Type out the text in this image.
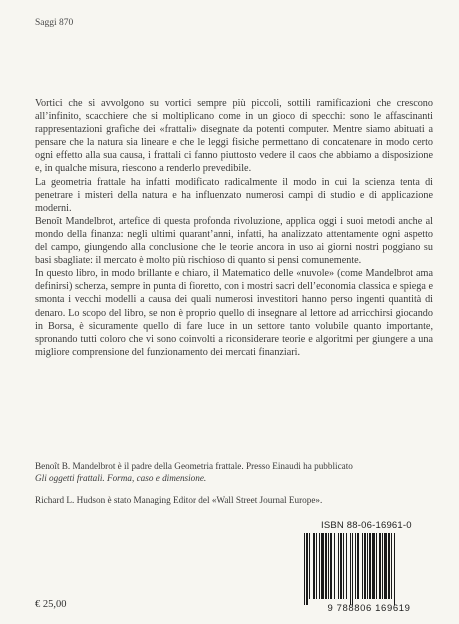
Saggi 870

Vortici che si avvolgono su vortici sempre più piccoli, sottili ramificazioni che crescono all’infinito, scacchiere che si moltiplicano come in un gioco di specchi: sono le affascinanti rappresentazioni grafiche dei «frattali» disegnate da potenti computer. Mentre siamo abituati a pensare che la natura sia lineare e che le leggi fisiche permettano di concatenare in modo certo ogni effetto alla sua causa, i frattali ci fanno piuttosto vedere il caos che abbiamo a disposizione e, in qualche misura, riescono a renderlo prevedibile.

La geometria frattale ha infatti modificato radicalmente il modo in cui la scienza tenta di penetrare i misteri della natura e ha influenzato numerosi campi di studio e di applicazione moderni.

Benoît Mandelbrot, artefice di questa profonda rivoluzione, applica oggi i suoi metodi anche al mondo della finanza: negli ultimi quarant’anni, infatti, ha analizzato attentamente ogni aspetto del campo, giungendo alla conclusione che le teorie ancora in uso ai giorni nostri poggiano su basi sbagliate: il mercato è molto più rischioso di quanto si pensi comunemente.

In questo libro, in modo brillante e chiaro, il Matematico delle «nuvole» (come Mandelbrot ama definirsi) scherza, sempre in punta di fioretto, con i mostri sacri dell’economia classica e spiega e smonta i vecchi modelli a causa dei quali numerosi investitori hanno perso ingenti quantità di denaro. Lo scopo del libro, se non è proprio quello di insegnare al lettore ad arricchirsi giocando in Borsa, è sicuramente quello di fare luce in un settore tanto volubile quanto importante, spronando tutti coloro che vi sono coinvolti a riconsiderare teorie e algoritmi per giungere a una migliore comprensione del funzionamento dei mercati finanziari.

Benoît B. Mandelbrot è il padre della Geometria frattale. Presso Einaudi ha pubblicato
Gli oggetti frattali. Forma, caso e dimensione.

Richard L. Hudson è stato Managing Editor del «Wall Street Journal Europe».

ISBN 88-06-16961-0
9 788806 169619
€ 25,00
